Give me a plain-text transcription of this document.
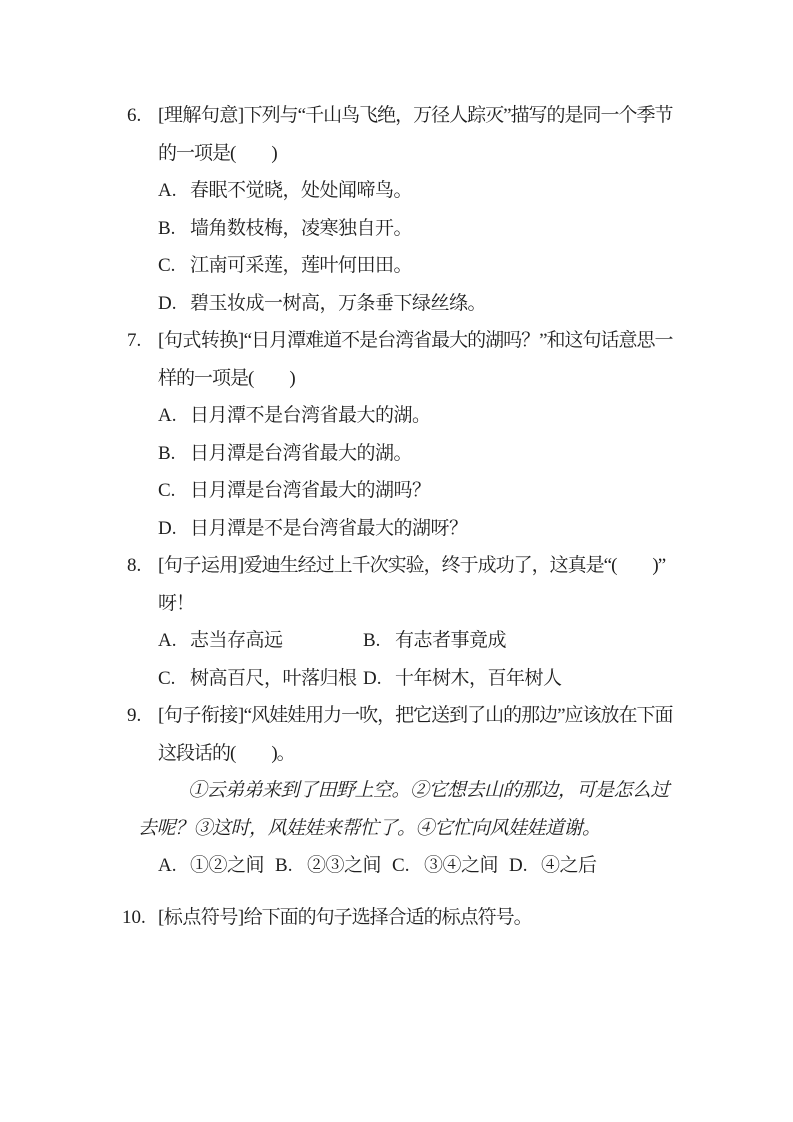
6. [理解句意]下列与“千山鸟飞绝，万径人踪灭”描写的是同一个季节
的一项是(　　)
A. 春眠不觉晓，处处闻啼鸟。
B. 墙角数枝梅，凌寒独自开。
C. 江南可采莲，莲叶何田田。
D. 碧玉妆成一树高，万条垂下绿丝绦。
7. [句式转换]“日月潭难道不是台湾省最大的湖吗？”和这句话意思一
样的一项是(　　)
A. 日月潭不是台湾省最大的湖。
B. 日月潭是台湾省最大的湖。
C. 日月潭是台湾省最大的湖吗？
D. 日月潭是不是台湾省最大的湖呀？
8. [句子运用]爱迪生经过上千次实验，终于成功了，这真是“(　　)”
呀！
A. 志当存高远	B. 有志者事竟成
C. 树高百尺，叶落归根 D. 十年树木，百年树人
9. [句子衔接]“风娃娃用力一吹，把它送到了山的那边”应该放在下面
这段话的(　　)。
①云弟弟来到了田野上空。②它想去山的那边，可是怎么过
去呢？③这时，风娃娃来帮忙了。④它忙向风娃娃道谢。
A. ①②之间 B. ②③之间 C. ③④之间 D. ④之后
10. [标点符号]给下面的句子选择合适的标点符号。
